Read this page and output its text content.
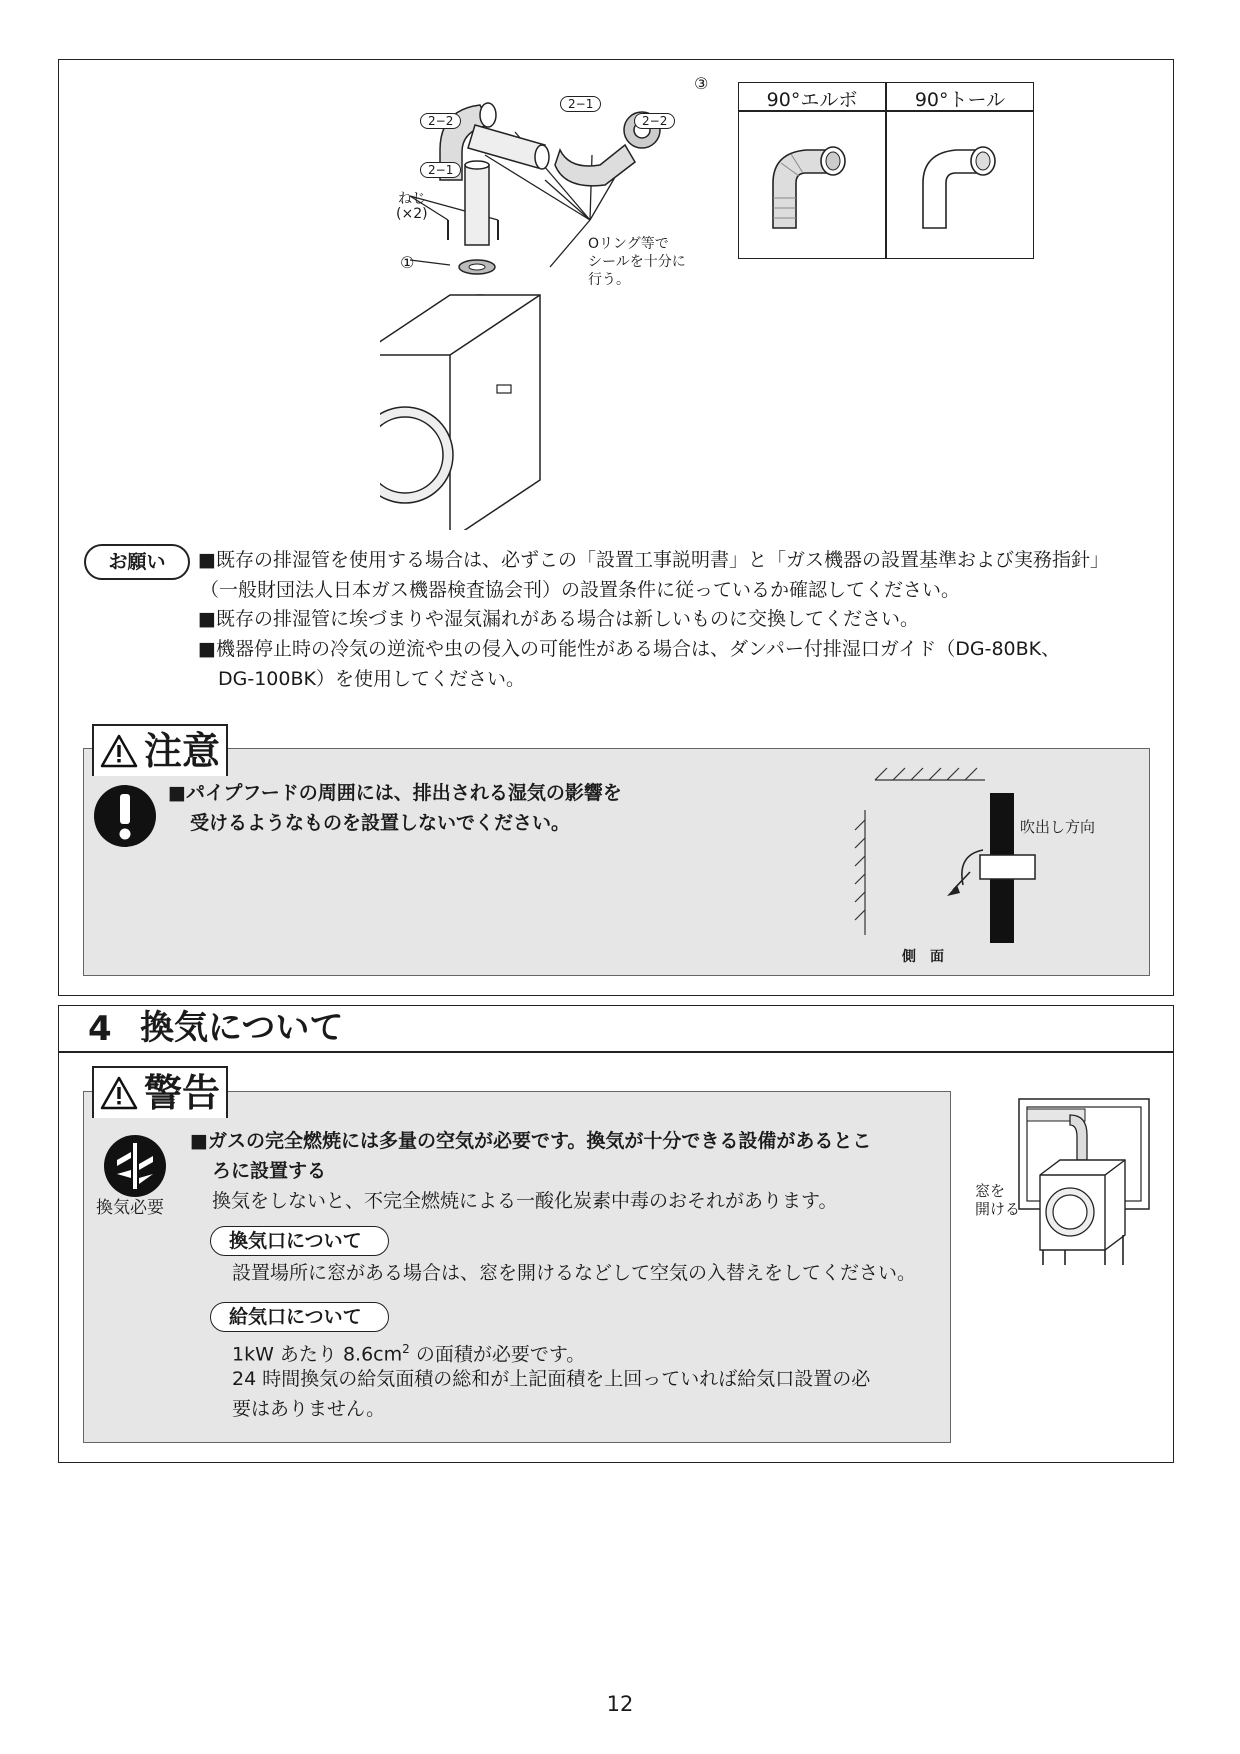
2−2
2−1
2−2
③
2−1
ねじ
(×2)
①
Oリング等で
シールを十分に
行う。
90°エルボ	90°トール
お願い	■既存の排湿管を使用する場合は、必ずこの「設置工事説明書」と「ガス機器の設置基準および実務指針」
（一般財団法人日本ガス機器検査協会刊）の設置条件に従っているか確認してください。
■既存の排湿管に埃づまりや湿気漏れがある場合は新しいものに交換してください。
■機器停止時の冷気の逆流や虫の侵入の可能性がある場合は、ダンパー付排湿口ガイド（DG-80BK、
DG-100BK）を使用してください。
注意
■パイプフードの周囲には、排出される湿気の影響を
受けるようなものを設置しないでください。	吹出し方向
側　面
4 換気について
警告
換気必要
■ガスの完全燃焼には多量の空気が必要です。換気が十分できる設備があるとこ
ろに設置する
換気をしないと、不完全燃焼による一酸化炭素中毒のおそれがあります。
換気口について
設置場所に窓がある場合は、窓を開けるなどして空気の入替えをしてください。
給気口について
1kW あたり $8.6cm^2$ の面積が必要です。
24 時間換気の給気面積の総和が上記面積を上回っていれば給気口設置の必
要はありません。
窓を
開ける
12
